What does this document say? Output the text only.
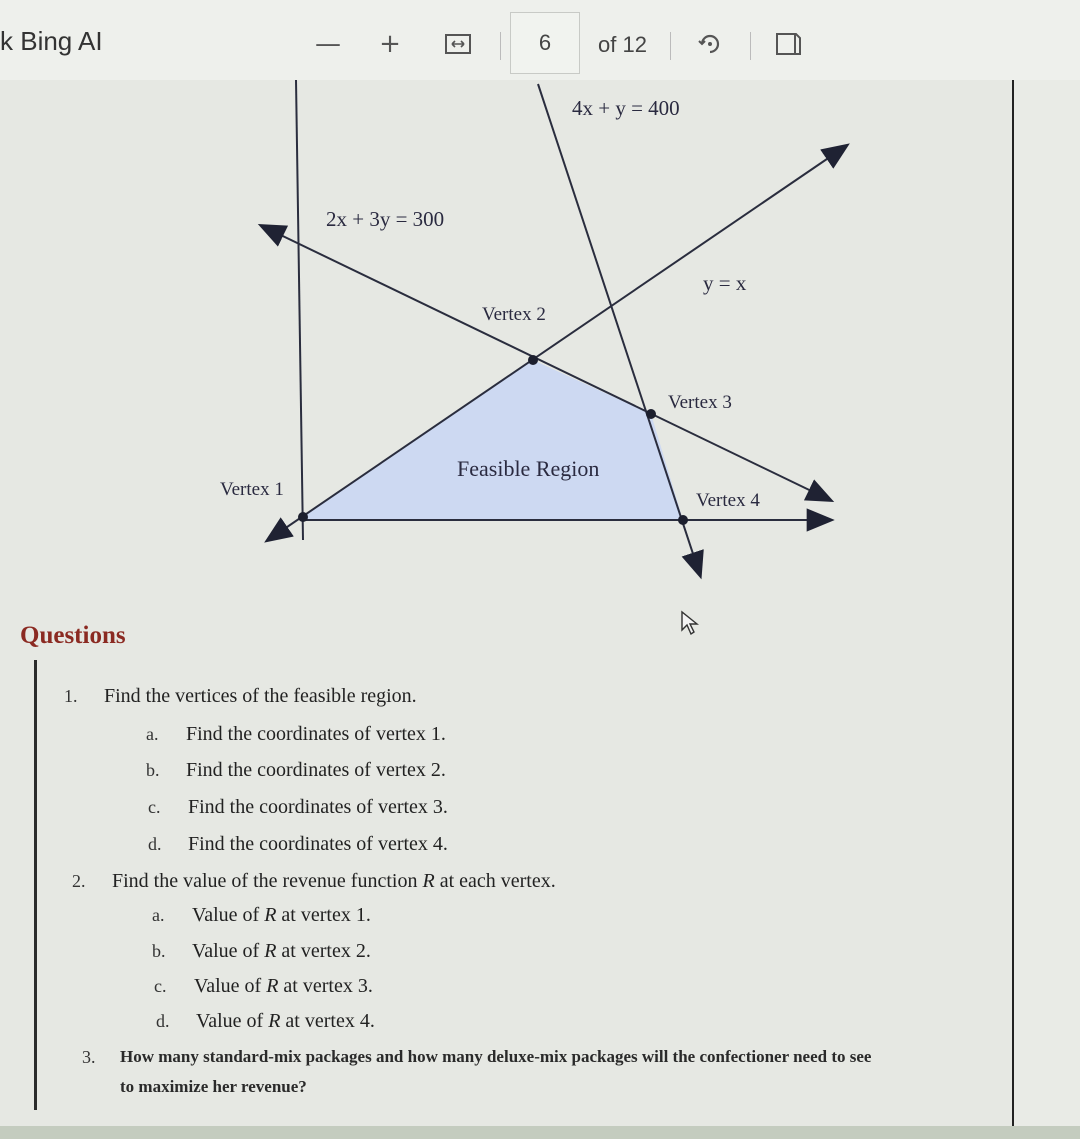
k Bing AI	—	+	6	of 12
4x + y = 400
2x + 3y = 300
y = x
Vertex 2
Vertex 3
Vertex 1
Vertex 4
Feasible Region
Questions
1. Find the vertices of the feasible region.
a. Find the coordinates of vertex 1.
b. Find the coordinates of vertex 2.
c. Find the coordinates of vertex 3.
d. Find the coordinates of vertex 4.
2. Find the value of the revenue function R at each vertex.
a. Value of R at vertex 1.
b. Value of R at vertex 2.
c. Value of R at vertex 3.
d. Value of R at vertex 4.
3. How many standard-mix packages and how many deluxe-mix packages will the confectioner need to see
to maximize her revenue?
